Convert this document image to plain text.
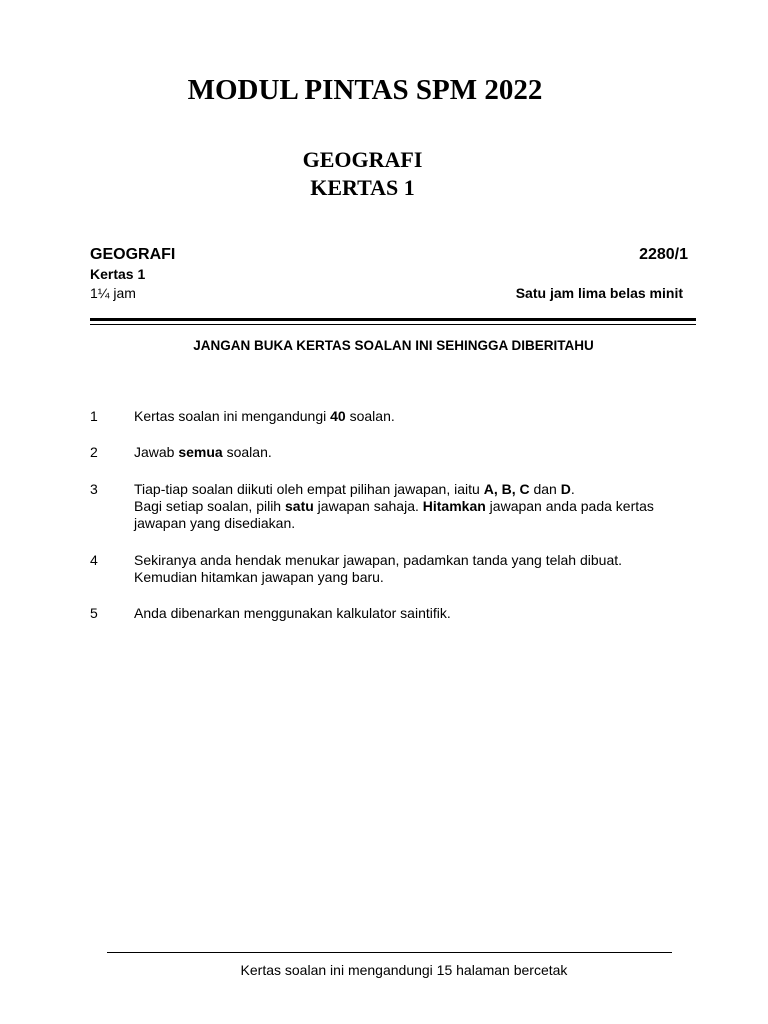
MODUL PINTAS SPM 2022
GEOGRAFI
KERTAS 1
GEOGRAFI	2280/1
Kertas 1
1¼ jam	Satu jam lima belas minit
JANGAN BUKA KERTAS SOALAN INI SEHINGGA DIBERITAHU
1	Kertas soalan ini mengandungi 40 soalan.
2	Jawab semua soalan.
3	Tiap-tiap soalan diikuti oleh empat pilihan jawapan, iaitu A, B, C dan D.
Bagi setiap soalan, pilih satu jawapan sahaja. Hitamkan jawapan anda pada kertas
jawapan yang disediakan.
4	Sekiranya anda hendak menukar jawapan, padamkan tanda yang telah dibuat.
Kemudian hitamkan jawapan yang baru.
5	Anda dibenarkan menggunakan kalkulator saintifik.
Kertas soalan ini mengandungi 15 halaman bercetak
